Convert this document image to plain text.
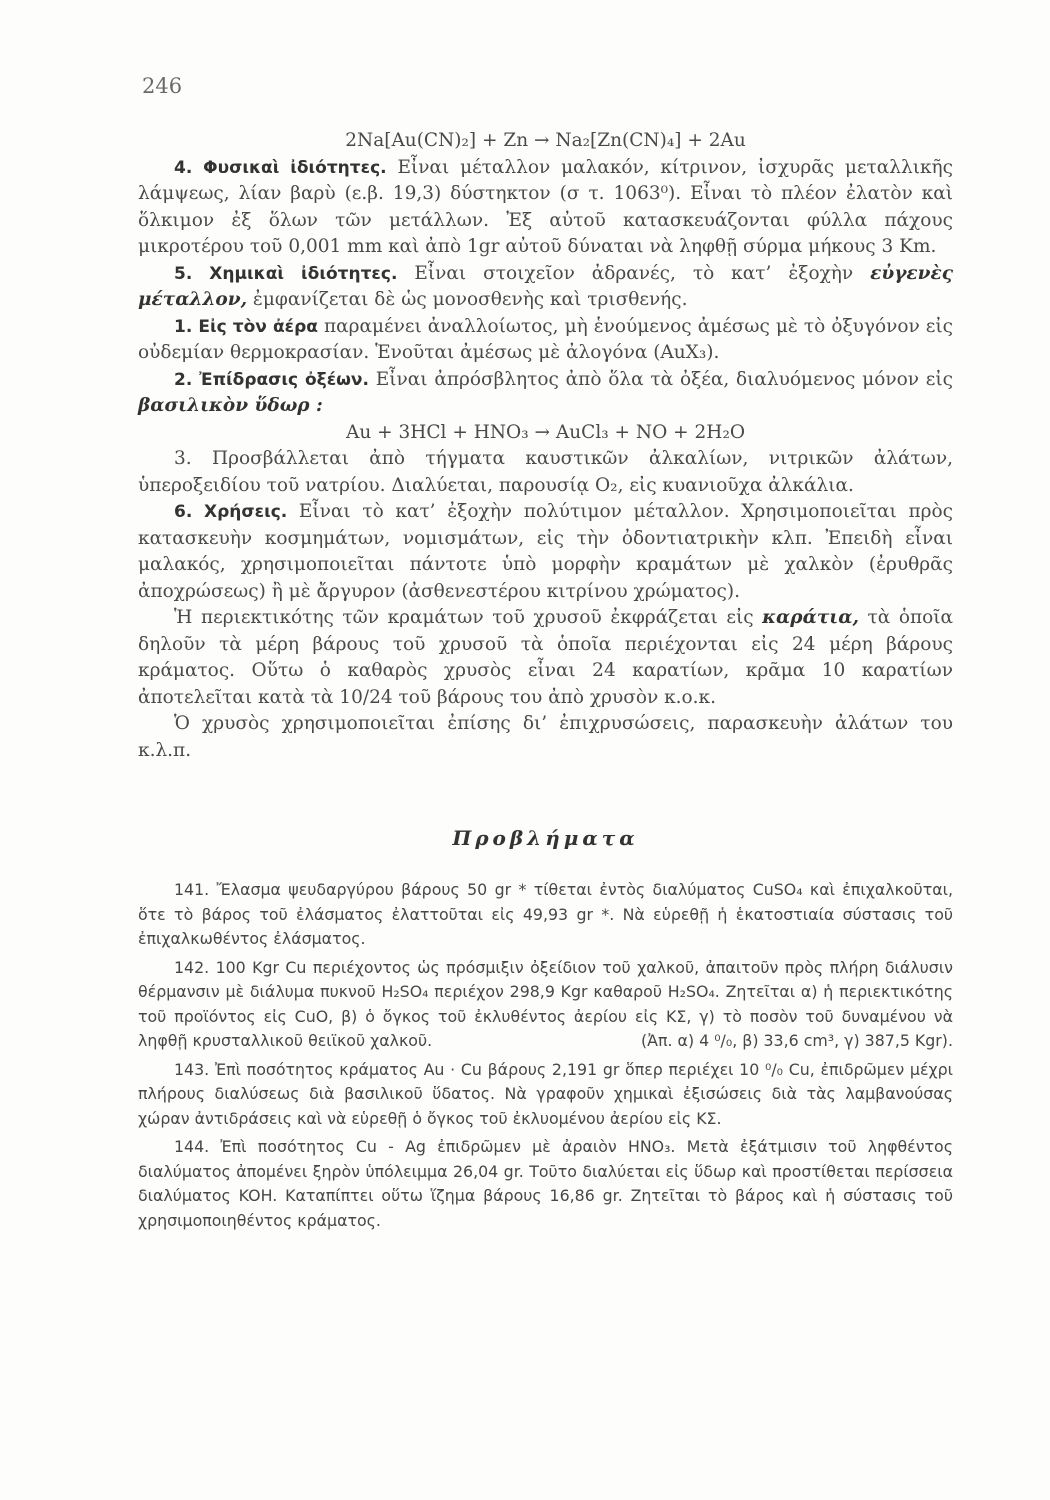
246

2Na[Au(CN)₂] + Zn → Na₂[Zn(CN)₄] + 2Au

4. Φυσικαὶ ἰδιότητες. Εἶναι μέταλλον μαλακόν, κίτρινον, ἰσχυρᾶς μεταλλικῆς λάμψεως, λίαν βαρὺ (ε.β. 19,3) δύστηκτον (σ τ. 1063⁰). Εἶναι τὸ πλέον ἐλατὸν καὶ ὅλκιμον ἐξ ὅλων τῶν μετάλλων. Ἐξ αὐτοῦ κατασκευάζονται φύλλα πάχους μικροτέρου τοῦ 0,001 mm καὶ ἀπὸ 1gr αὐτοῦ δύναται νὰ ληφθῇ σύρμα μήκους 3 Km.

5. Χημικαὶ ἰδιότητες. Εἶναι στοιχεῖον ἀδρανές, τὸ κατ’ ἐξοχὴν εὐγενὲς μέταλλον, ἐμφανίζεται δὲ ὡς μονοσθενὴς καὶ τρισθενής.

1. Εἰς τὸν ἀέρα παραμένει ἀναλλοίωτος, μὴ ἑνούμενος ἀμέσως μὲ τὸ ὀξυγόνον εἰς οὐδεμίαν θερμοκρασίαν. Ἑνοῦται ἀμέσως μὲ ἀλογόνα (AuX₃).

2. Ἐπίδρασις ὀξέων. Εἶναι ἀπρόσβλητος ἀπὸ ὅλα τὰ ὀξέα, διαλυόμενος μόνον εἰς βασιλικὸν ὕδωρ :

Au + 3HCl + HNO₃ → AuCl₃ + NO + 2H₂O

3. Προσβάλλεται ἀπὸ τήγματα καυστικῶν ἀλκαλίων, νιτρικῶν ἀλάτων, ὑπεροξειδίου τοῦ νατρίου. Διαλύεται, παρουσίᾳ O₂, εἰς κυανιοῦχα ἀλκάλια.

6. Χρήσεις. Εἶναι τὸ κατ’ ἐξοχὴν πολύτιμον μέταλλον. Χρησιμοποιεῖται πρὸς κατασκευὴν κοσμημάτων, νομισμάτων, εἰς τὴν ὀδοντιατρικὴν κλπ. Ἐπειδὴ εἶναι μαλακός, χρησιμοποιεῖται πάντοτε ὑπὸ μορφὴν κραμάτων μὲ χαλκὸν (ἐρυθρᾶς ἀποχρώσεως) ἢ μὲ ἄργυρον (ἀσθενεστέρου κιτρίνου χρώματος).

Ἡ περιεκτικότης τῶν κραμάτων τοῦ χρυσοῦ ἐκφράζεται εἰς καράτια, τὰ ὁποῖα δηλοῦν τὰ μέρη βάρους τοῦ χρυσοῦ τὰ ὁποῖα περιέχονται εἰς 24 μέρη βάρους κράματος. Οὕτω ὁ καθαρὸς χρυσὸς εἶναι 24 καρατίων, κρᾶμα 10 καρατίων ἀποτελεῖται κατὰ τὰ 10/24 τοῦ βάρους του ἀπὸ χρυσὸν κ.ο.κ.

Ὁ χρυσὸς χρησιμοποιεῖται ἐπίσης δι’ ἐπιχρυσώσεις, παρασκευὴν ἀλάτων του κ.λ.π.

Προβλήματα

141. Ἔλασμα ψευδαργύρου βάρους 50 gr * τίθεται ἐντὸς διαλύματος CuSO₄ καὶ ἐπιχαλκοῦται, ὅτε τὸ βάρος τοῦ ἐλάσματος ἐλαττοῦται εἰς 49,93 gr *. Νὰ εὑρεθῇ ἡ ἑκατοστιαία σύστασις τοῦ ἐπιχαλκωθέντος ἐλάσματος.

142. 100 Kgr Cu περιέχοντος ὡς πρόσμιξιν ὀξείδιον τοῦ χαλκοῦ, ἀπαιτοῦν πρὸς πλήρη διάλυσιν θέρμανσιν μὲ διάλυμα πυκνοῦ H₂SO₄ περιέχον 298,9 Kgr καθαροῦ H₂SO₄. Ζητεῖται α) ἡ περιεκτικότης τοῦ προϊόντος εἰς CuO, β) ὁ ὄγκος τοῦ ἐκλυθέντος ἀερίου εἰς ΚΣ, γ) τὸ ποσὸν τοῦ δυναμένου νὰ ληφθῇ κρυσταλλικοῦ θειϊκοῦ χαλκοῦ.	(Ἀπ. α) 4 ⁰/₀, β) 33,6 cm³, γ) 387,5 Kgr).

143. Ἐπὶ ποσότητος κράματος Au · Cu βάρους 2,191 gr ὅπερ περιέχει 10 ⁰/₀ Cu, ἐπιδρῶμεν μέχρι πλήρους διαλύσεως διὰ βασιλικοῦ ὕδατος. Νὰ γραφοῦν χημικαὶ ἐξισώσεις διὰ τὰς λαμβανούσας χώραν ἀντιδράσεις καὶ νὰ εὑρεθῇ ὁ ὄγκος τοῦ ἐκλυομένου ἀερίου εἰς ΚΣ.

144. Ἐπὶ ποσότητος Cu - Ag ἐπιδρῶμεν μὲ ἀραιὸν HNO₃. Μετὰ ἐξάτμισιν τοῦ ληφθέντος διαλύματος ἀπομένει ξηρὸν ὑπόλειμμα 26,04 gr. Τοῦτο διαλύεται εἰς ὕδωρ καὶ προστίθεται περίσσεια διαλύματος KOH. Καταπίπτει οὕτω ἵζημα βάρους 16,86 gr. Ζητεῖται τὸ βάρος καὶ ἡ σύστασις τοῦ χρησιμοποιηθέντος κράματος.
